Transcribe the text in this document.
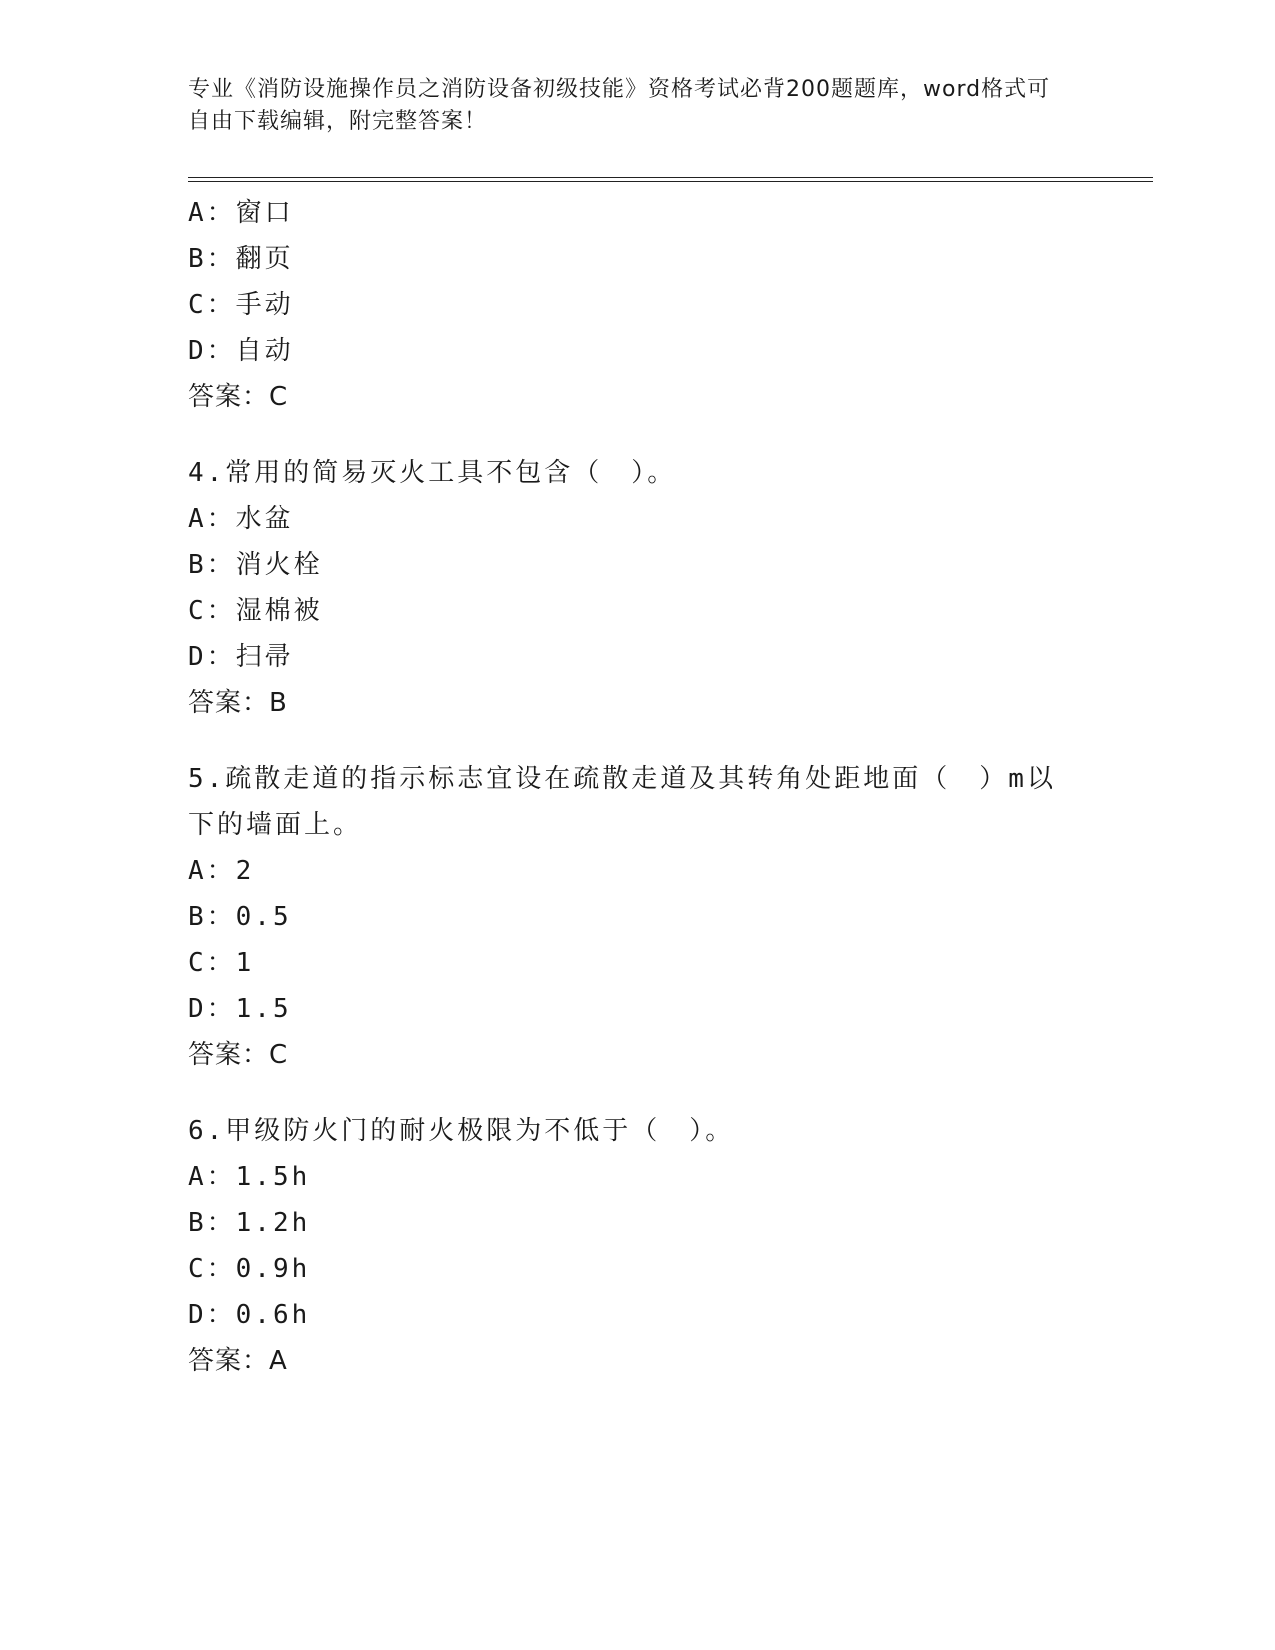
专业《消防设施操作员之消防设备初级技能》资格考试必背200题题库，word格式可自由下载编辑，附完整答案！
A：窗口
B：翻页
C：手动
D：自动
答案：C
4.常用的简易灭火工具不包含（　）。
A：水盆
B：消火栓
C：湿棉被
D：扫帚
答案：B
5.疏散走道的指示标志宜设在疏散走道及其转角处距地面（　）m以下的墙面上。
A：2
B：0.5
C：1
D：1.5
答案：C
6.甲级防火门的耐火极限为不低于（　）。
A：1.5h
B：1.2h
C：0.9h
D：0.6h
答案：A
